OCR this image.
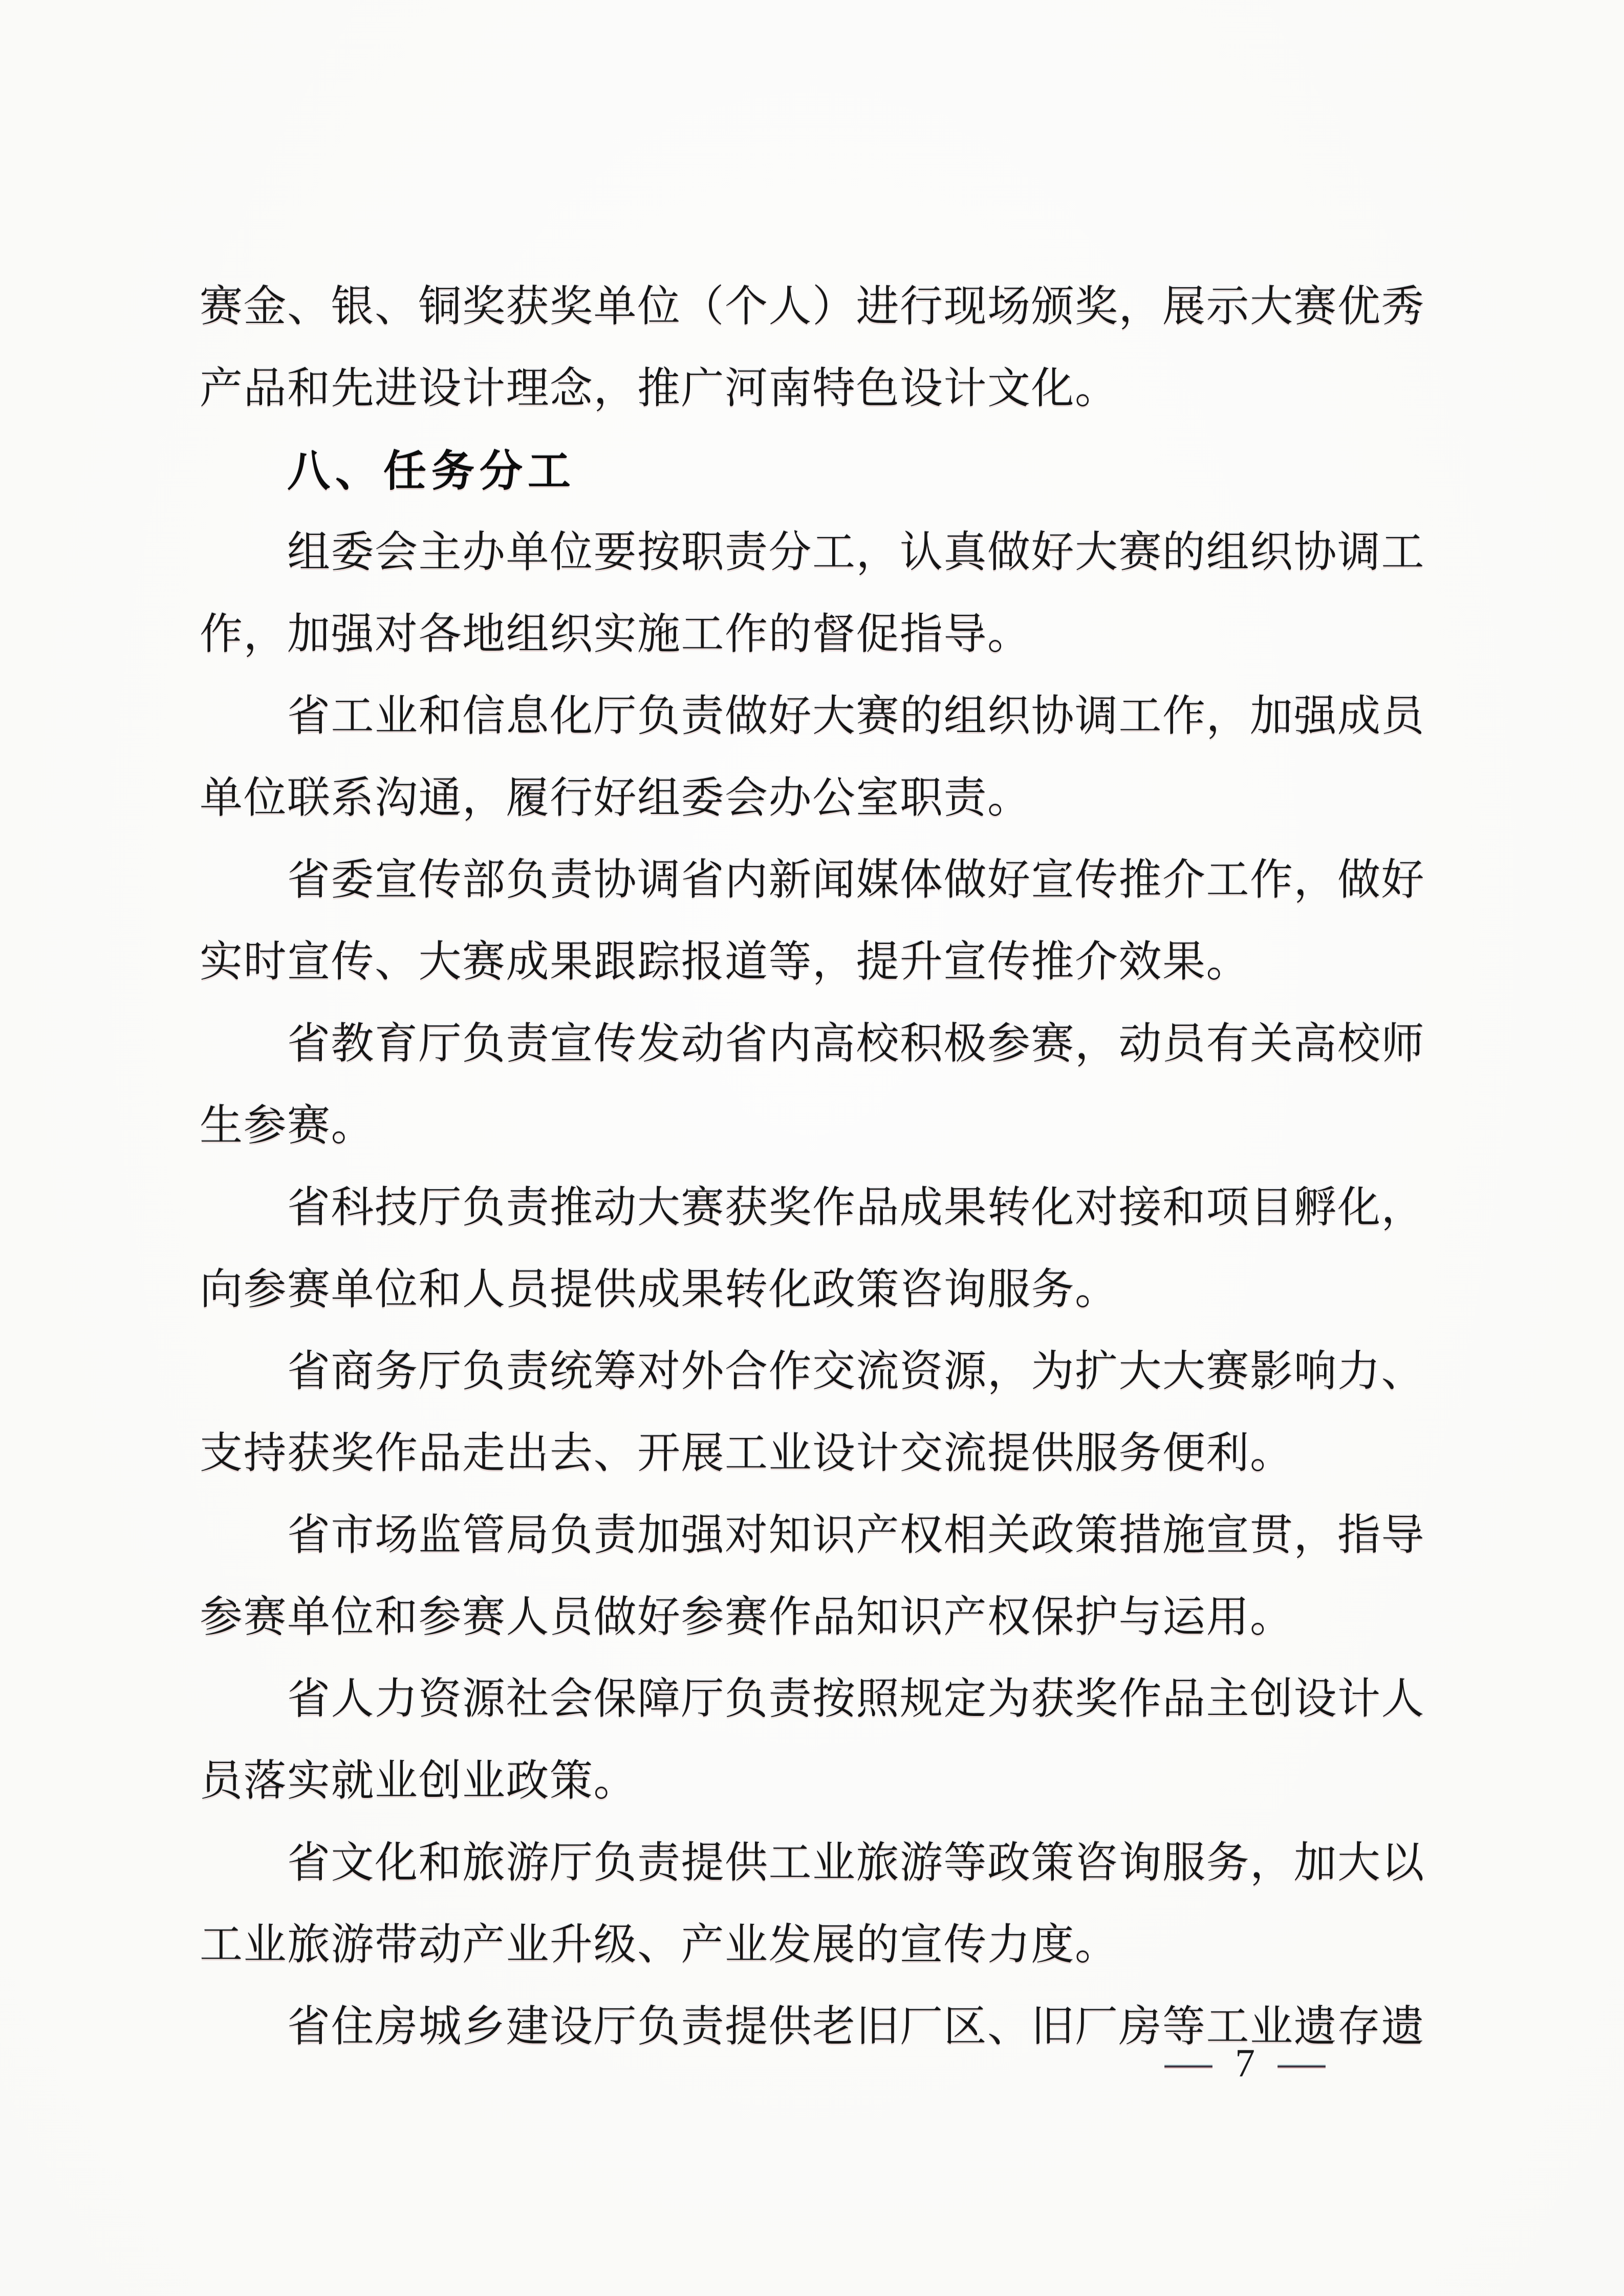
赛金、银、铜奖获奖单位（个人）进行现场颁奖，展示大赛优秀
产品和先进设计理念，推广河南特色设计文化。
八、任务分工
组委会主办单位要按职责分工，认真做好大赛的组织协调工
作，加强对各地组织实施工作的督促指导。
省工业和信息化厅负责做好大赛的组织协调工作，加强成员
单位联系沟通，履行好组委会办公室职责。
省委宣传部负责协调省内新闻媒体做好宣传推介工作，做好
实时宣传、大赛成果跟踪报道等，提升宣传推介效果。
省教育厅负责宣传发动省内高校积极参赛，动员有关高校师
生参赛。
省科技厅负责推动大赛获奖作品成果转化对接和项目孵化，
向参赛单位和人员提供成果转化政策咨询服务。
省商务厅负责统筹对外合作交流资源，为扩大大赛影响力、
支持获奖作品走出去、开展工业设计交流提供服务便利。
省市场监管局负责加强对知识产权相关政策措施宣贯，指导
参赛单位和参赛人员做好参赛作品知识产权保护与运用。
省人力资源社会保障厅负责按照规定为获奖作品主创设计人
员落实就业创业政策。
省文化和旅游厅负责提供工业旅游等政策咨询服务，加大以
工业旅游带动产业升级、产业发展的宣传力度。
省住房城乡建设厅负责提供老旧厂区、旧厂房等工业遗存遗
— 7 —
